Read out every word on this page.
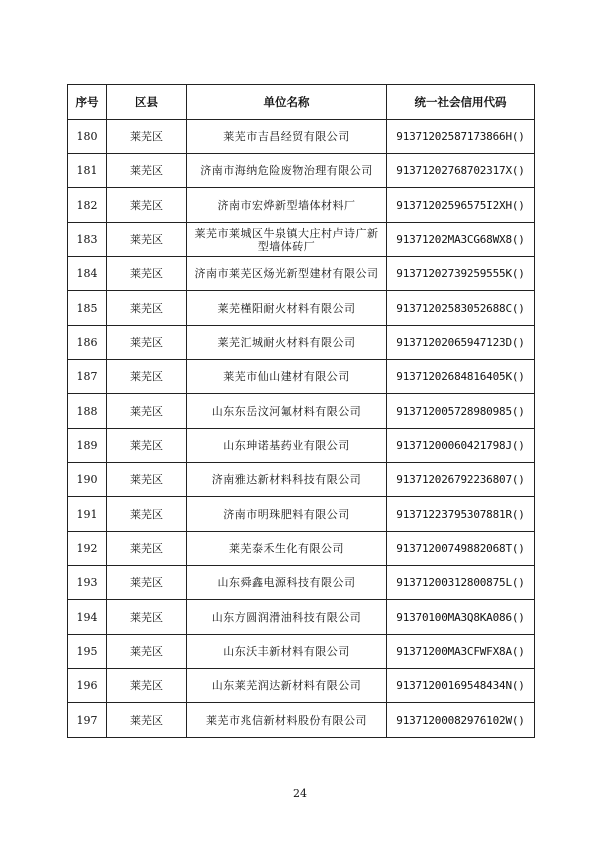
序号	区县	单位名称	统一社会信用代码
180	莱芜区	莱芜市吉昌经贸有限公司	91371202587173866H()
181	莱芜区	济南市海纳危险废物治理有限公司	91371202768702317X()
182	莱芜区	济南市宏烨新型墙体材料厂	91371202596575I2XH()
183	莱芜区	莱芜市莱城区牛泉镇大庄村卢诗广新型墙体砖厂	91371202MA3CG68WX8()
184	莱芜区	济南市莱芜区炀光新型建材有限公司	91371202739259555K()
185	莱芜区	莱芜槿阳耐火材料有限公司	91371202583052688C()
186	莱芜区	莱芜汇城耐火材料有限公司	91371202065947123D()
187	莱芜区	莱芜市仙山建材有限公司	91371202684816405K()
188	莱芜区	山东东岳汶河氟材料有限公司	913712005728980985()
189	莱芜区	山东珅诺基药业有限公司	91371200060421798J()
190	莱芜区	济南雅达新材料科技有限公司	913712026792236807()
191	莱芜区	济南市明珠肥料有限公司	91371223795307881R()
192	莱芜区	莱芜泰禾生化有限公司	91371200749882068T()
193	莱芜区	山东舜鑫电源科技有限公司	91371200312800875L()
194	莱芜区	山东方圆润滑油科技有限公司	91370100MA3Q8KA086()
195	莱芜区	山东沃丰新材料有限公司	91371200MA3CFWFX8A()
196	莱芜区	山东莱芜润达新材料有限公司	91371200169548434N()
197	莱芜区	莱芜市兆信新材料股份有限公司	91371200082976102W()
24
